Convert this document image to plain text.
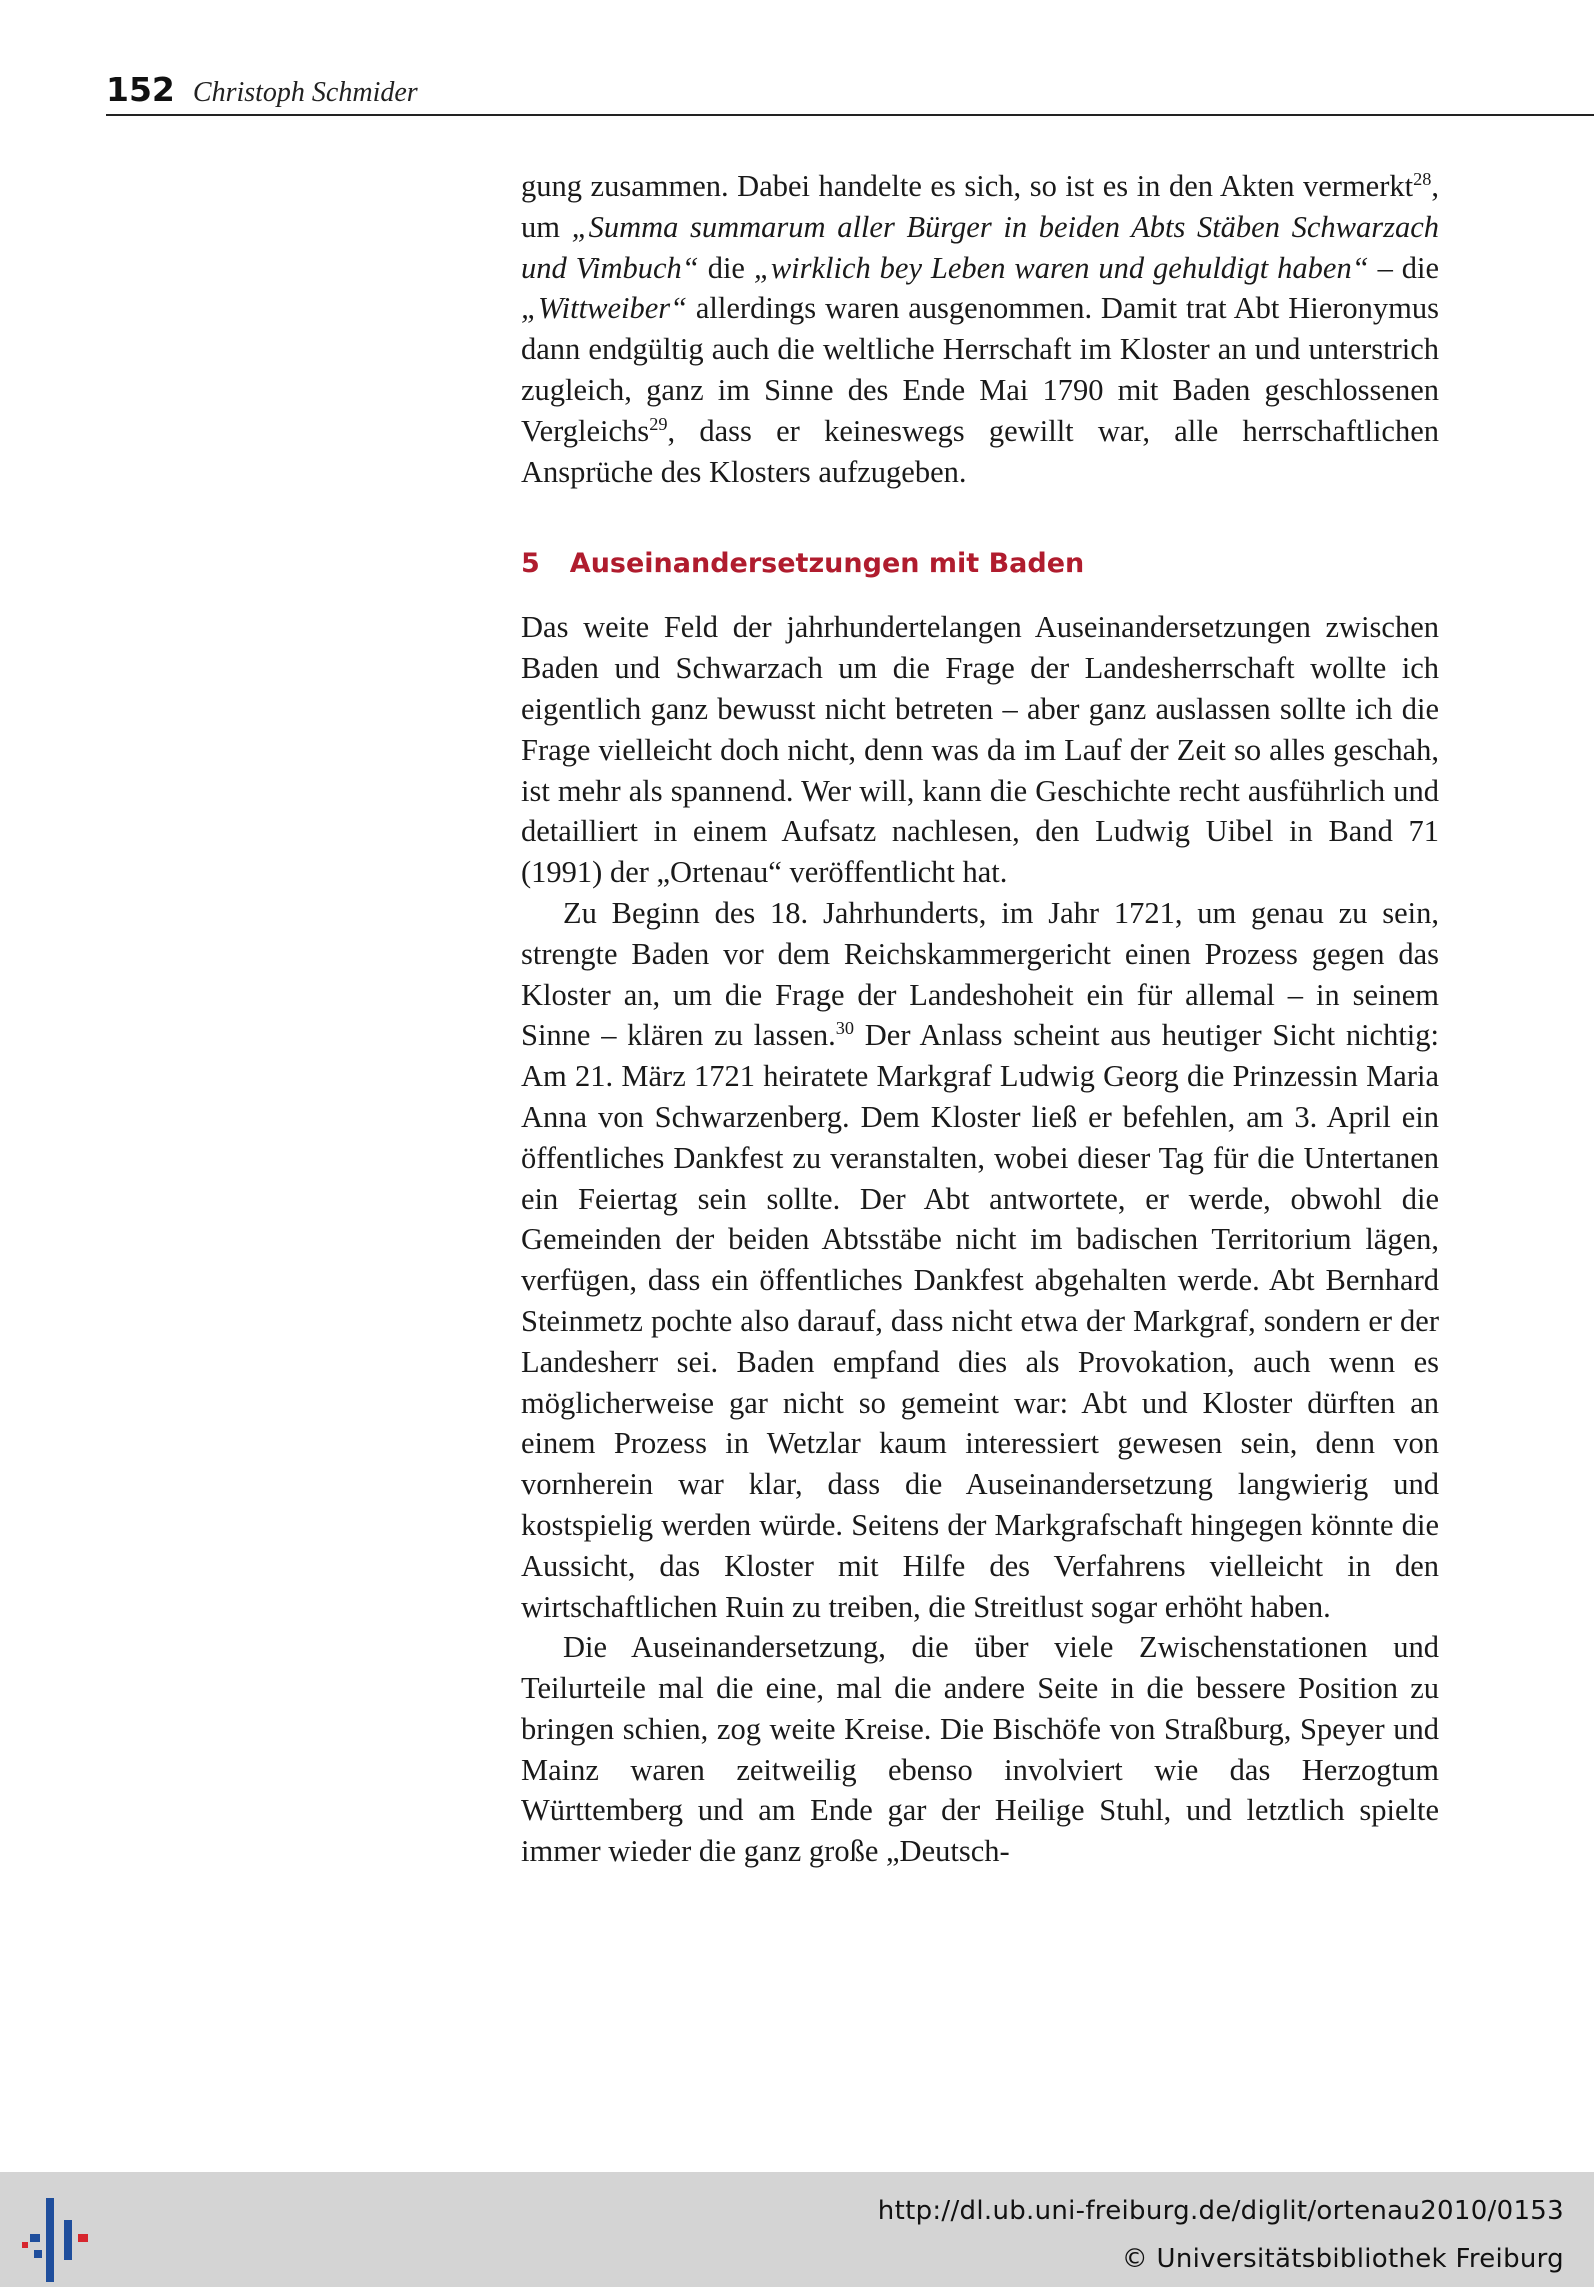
152 Christoph Schmider

gung zusammen. Dabei handelte es sich, so ist es in den Akten vermerkt$^{28}$, um „Summa summarum aller Bürger in beiden Abts Stäben Schwarzach und Vimbuch“ die „wirklich bey Leben waren und gehuldigt haben“ – die „Wittweiber“ allerdings waren ausgenommen. Damit trat Abt Hieronymus dann endgültig auch die weltliche Herrschaft im Kloster an und unterstrich zugleich, ganz im Sinne des Ende Mai 1790 mit Baden geschlossenen Vergleichs$^{29}$, dass er keineswegs gewillt war, alle herrschaftlichen Ansprüche des Klosters aufzugeben.

5 Auseinandersetzungen mit Baden

Das weite Feld der jahrhundertelangen Auseinandersetzungen zwischen Baden und Schwarzach um die Frage der Landesherrschaft wollte ich eigentlich ganz bewusst nicht betreten – aber ganz auslassen sollte ich die Frage vielleicht doch nicht, denn was da im Lauf der Zeit so alles geschah, ist mehr als spannend. Wer will, kann die Geschichte recht ausführlich und detailliert in einem Aufsatz nachlesen, den Ludwig Uibel in Band 71 (1991) der „Ortenau“ veröffentlicht hat.

Zu Beginn des 18. Jahrhunderts, im Jahr 1721, um genau zu sein, strengte Baden vor dem Reichskammergericht einen Prozess gegen das Kloster an, um die Frage der Landeshoheit ein für allemal – in seinem Sinne – klären zu lassen.$^{30}$ Der Anlass scheint aus heutiger Sicht nichtig: Am 21. März 1721 heiratete Markgraf Ludwig Georg die Prinzessin Maria Anna von Schwarzenberg. Dem Kloster ließ er befehlen, am 3. April ein öffentliches Dankfest zu veranstalten, wobei dieser Tag für die Untertanen ein Feiertag sein sollte. Der Abt antwortete, er werde, obwohl die Gemeinden der beiden Abtsstäbe nicht im badischen Territorium lägen, verfügen, dass ein öffentliches Dankfest abgehalten werde. Abt Bernhard Steinmetz pochte also darauf, dass nicht etwa der Markgraf, sondern er der Landesherr sei. Baden empfand dies als Provokation, auch wenn es möglicherweise gar nicht so gemeint war: Abt und Kloster dürften an einem Prozess in Wetzlar kaum interessiert gewesen sein, denn von vornherein war klar, dass die Auseinandersetzung langwierig und kostspielig werden würde. Seitens der Markgrafschaft hingegen könnte die Aussicht, das Kloster mit Hilfe des Verfahrens vielleicht in den wirtschaftlichen Ruin zu treiben, die Streitlust sogar erhöht haben.

Die Auseinandersetzung, die über viele Zwischenstationen und Teilurteile mal die eine, mal die andere Seite in die bessere Position zu bringen schien, zog weite Kreise. Die Bischöfe von Straßburg, Speyer und Mainz waren zeitweilig ebenso involviert wie das Herzogtum Württemberg und am Ende gar der Heilige Stuhl, und letztlich spielte immer wieder die ganz große „Deutsch-

http://dl.ub.uni-freiburg.de/diglit/ortenau2010/0153
© Universitätsbibliothek Freiburg
